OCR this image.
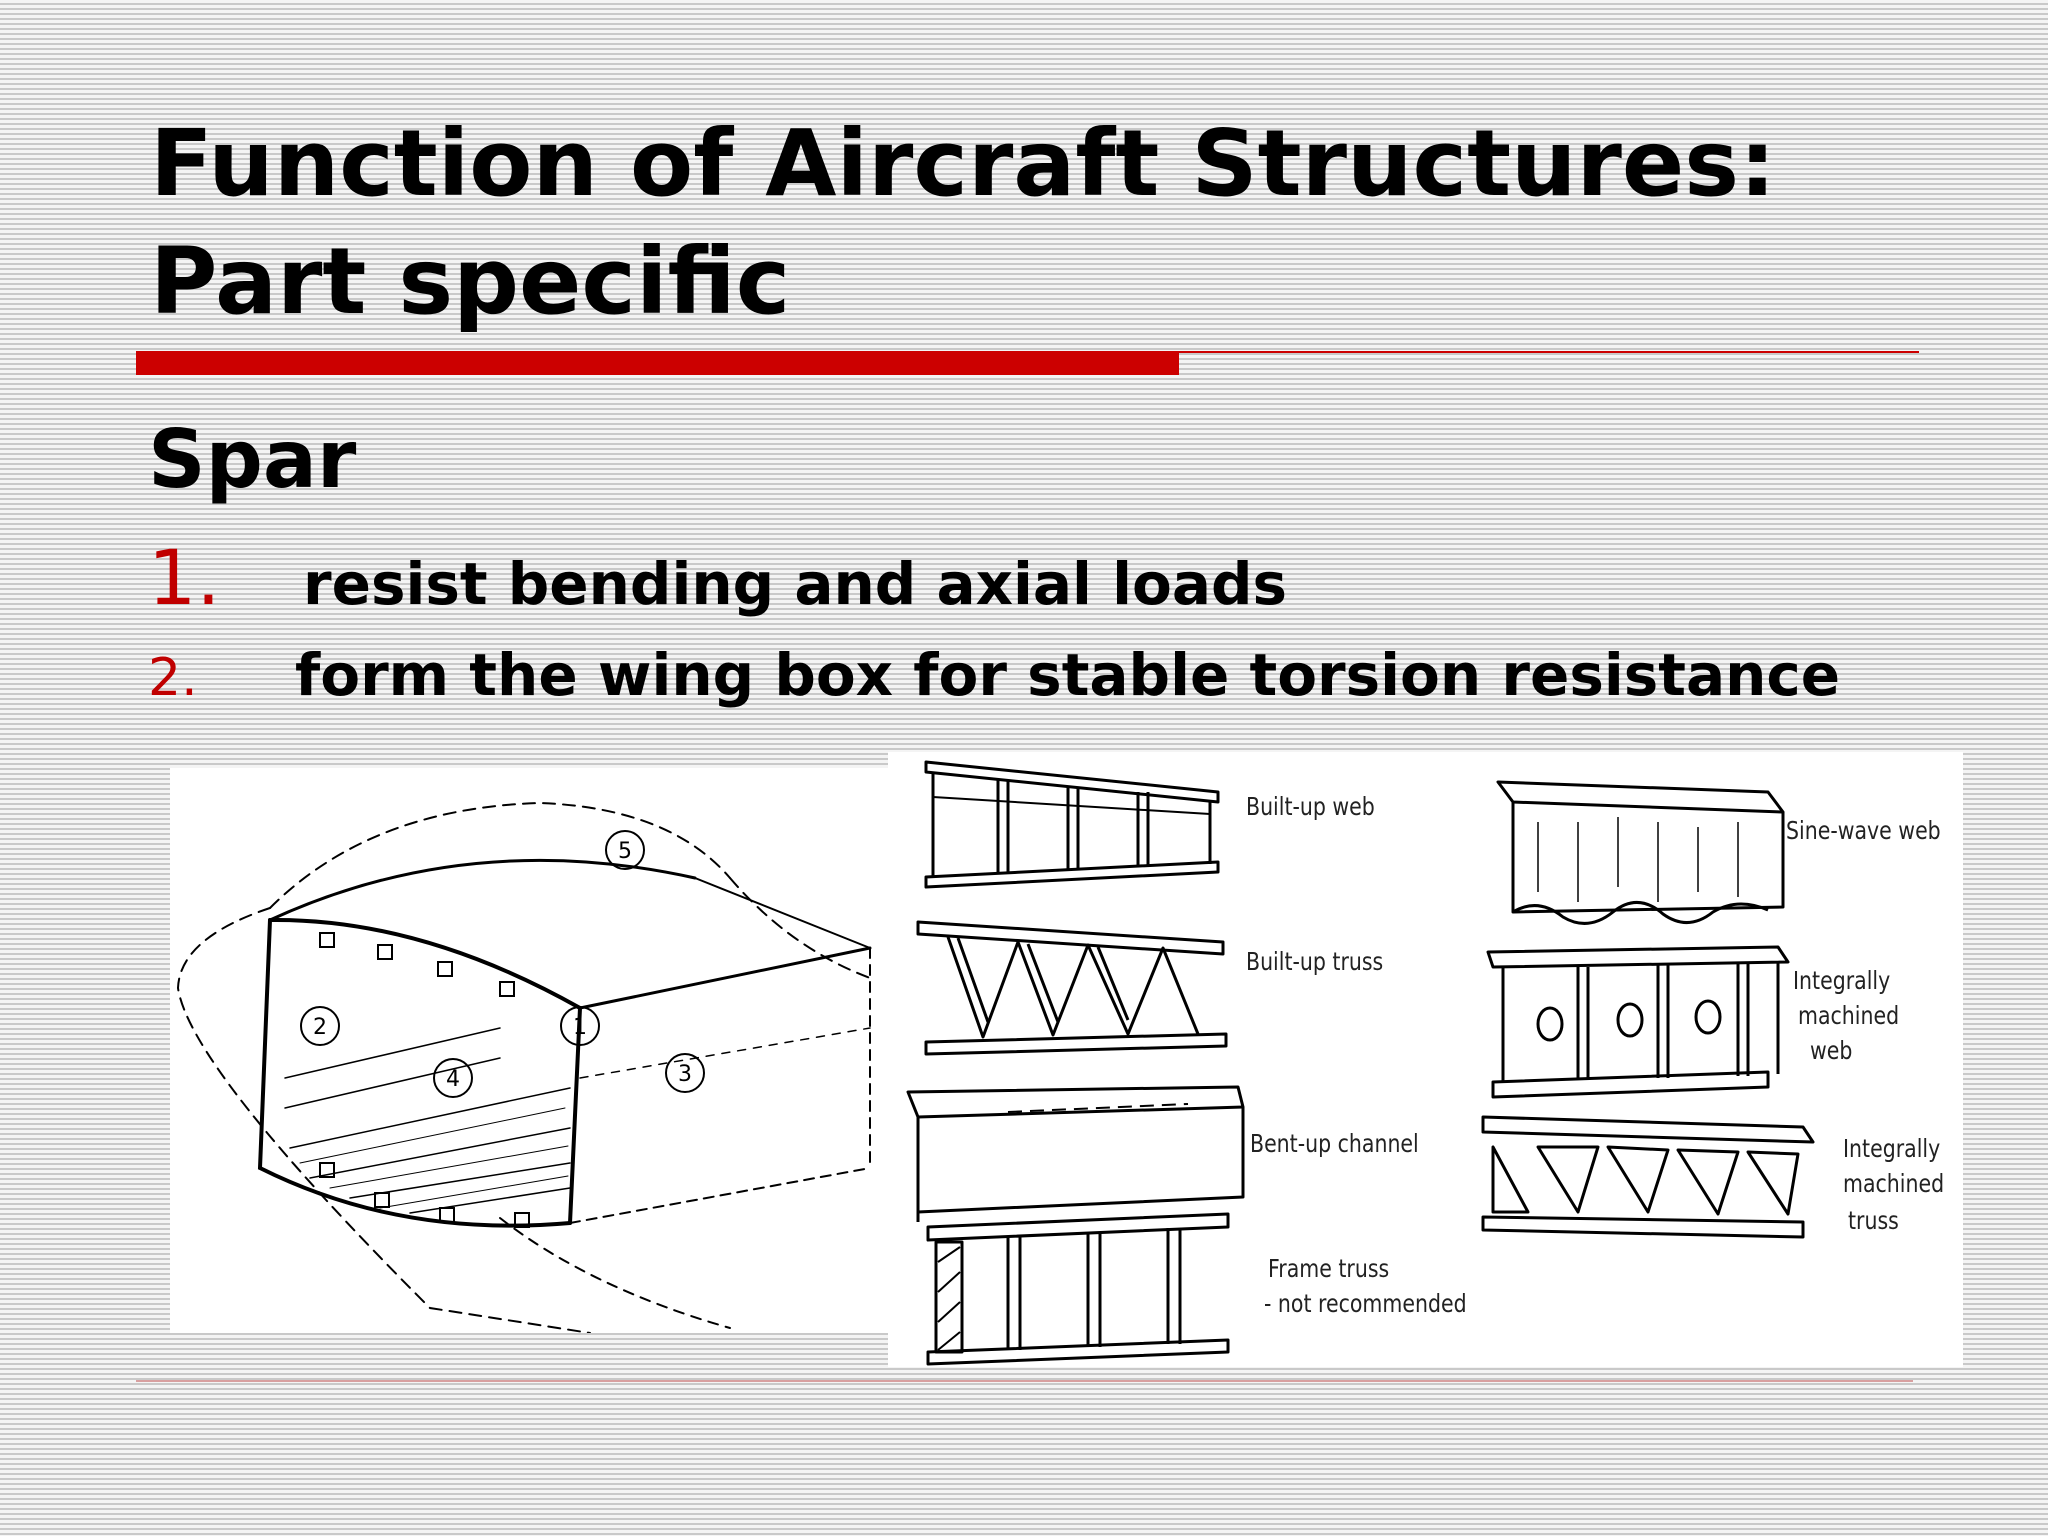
Function of Aircraft Structures:
Part specific
Spar
1. resist bending and axial loads
2. form the wing box for stable torsion resistance
5
2	1
4	3
Built-up web
Built-up truss
Bent-up channel
Frame truss
- not recommended
Sine-wave web
Integrally
machined
web
Integrally
machined
truss
